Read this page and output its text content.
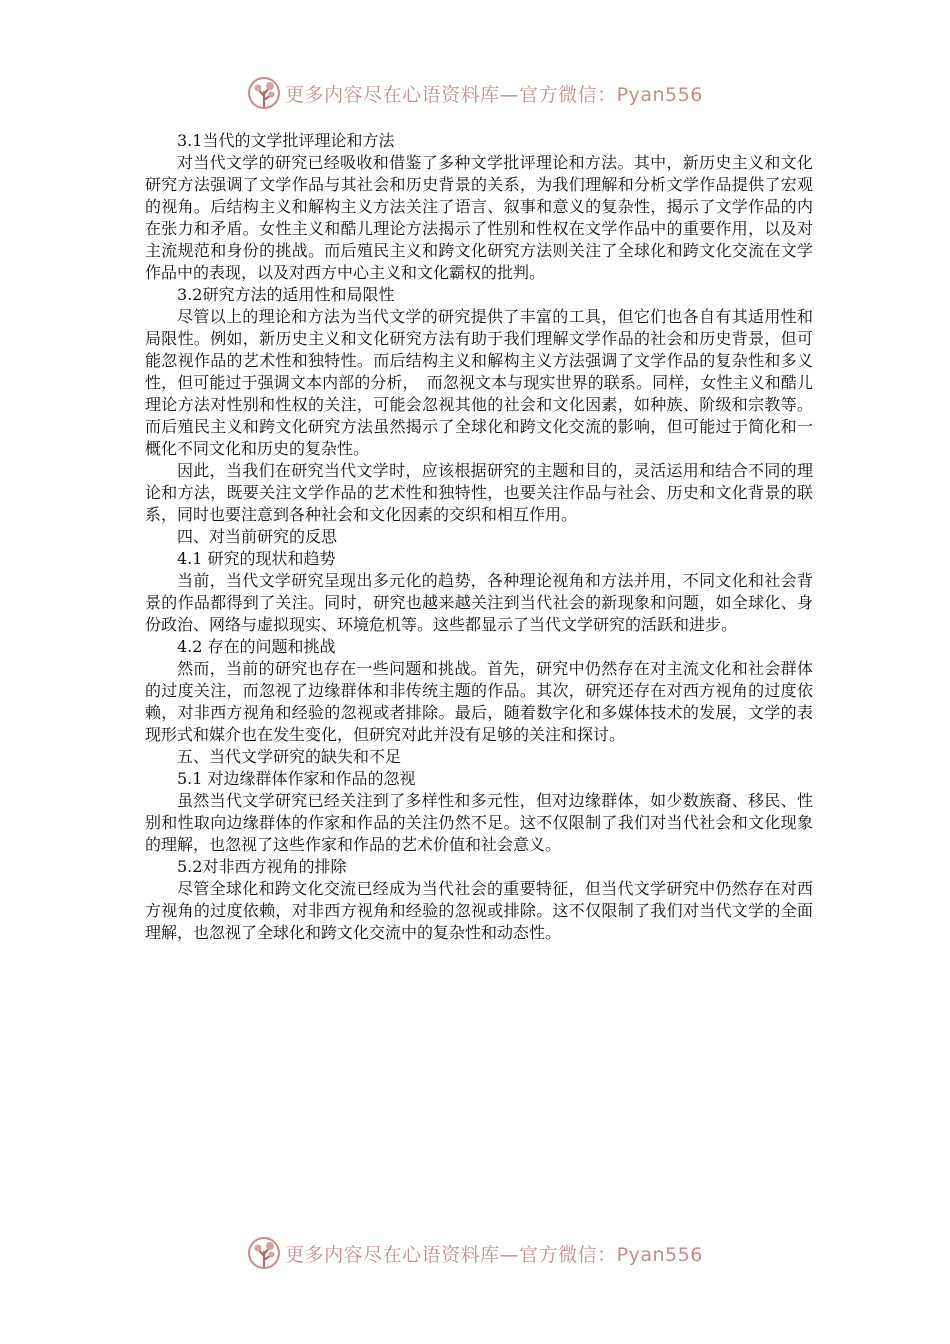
更多内容尽在心语资料库—官方微信：Pyan556

3.1当代的文学批评理论和方法

对当代文学的研究已经吸收和借鉴了多种文学批评理论和方法。其中，新历史主义和文化研究方法强调了文学作品与其社会和历史背景的关系，为我们理解和分析文学作品提供了宏观的视角。后结构主义和解构主义方法关注了语言、叙事和意义的复杂性，揭示了文学作品的内在张力和矛盾。女性主义和酷儿理论方法揭示了性别和性权在文学作品中的重要作用，以及对主流规范和身份的挑战。而后殖民主义和跨文化研究方法则关注了全球化和跨文化交流在文学作品中的表现，以及对西方中心主义和文化霸权的批判。

3.2研究方法的适用性和局限性

尽管以上的理论和方法为当代文学的研究提供了丰富的工具，但它们也各自有其适用性和局限性。例如，新历史主义和文化研究方法有助于我们理解文学作品的社会和历史背景，但可能忽视作品的艺术性和独特性。而后结构主义和解构主义方法强调了文学作品的复杂性和多义性，但可能过于强调文本内部的分析，　而忽视文本与现实世界的联系。同样，女性主义和酷儿理论方法对性别和性权的关注，可能会忽视其他的社会和文化因素，如种族、阶级和宗教等。而后殖民主义和跨文化研究方法虽然揭示了全球化和跨文化交流的影响，但可能过于简化和一概化不同文化和历史的复杂性。

因此，当我们在研究当代文学时，应该根据研究的主题和目的，灵活运用和结合不同的理论和方法，既要关注文学作品的艺术性和独特性，也要关注作品与社会、历史和文化背景的联系，同时也要注意到各种社会和文化因素的交织和相互作用。

四、对当前研究的反思

4.1 研究的现状和趋势

当前，当代文学研究呈现出多元化的趋势，各种理论视角和方法并用，不同文化和社会背景的作品都得到了关注。同时，研究也越来越关注到当代社会的新现象和问题，如全球化、身份政治、网络与虚拟现实、环境危机等。这些都显示了当代文学研究的活跃和进步。

4.2 存在的问题和挑战

然而，当前的研究也存在一些问题和挑战。首先，研究中仍然存在对主流文化和社会群体的过度关注，而忽视了边缘群体和非传统主题的作品。其次，研究还存在对西方视角的过度依赖，对非西方视角和经验的忽视或者排除。最后，随着数字化和多媒体技术的发展，文学的表现形式和媒介也在发生变化，但研究对此并没有足够的关注和探讨。

五、当代文学研究的缺失和不足

5.1 对边缘群体作家和作品的忽视

虽然当代文学研究已经关注到了多样性和多元性，但对边缘群体，如少数族裔、移民、性别和性取向边缘群体的作家和作品的关注仍然不足。这不仅限制了我们对当代社会和文化现象的理解，也忽视了这些作家和作品的艺术价值和社会意义。

5.2对非西方视角的排除

尽管全球化和跨文化交流已经成为当代社会的重要特征，但当代文学研究中仍然存在对西方视角的过度依赖，对非西方视角和经验的忽视或排除。这不仅限制了我们对当代文学的全面理解，也忽视了全球化和跨文化交流中的复杂性和动态性。

更多内容尽在心语资料库—官方微信：Pyan556
